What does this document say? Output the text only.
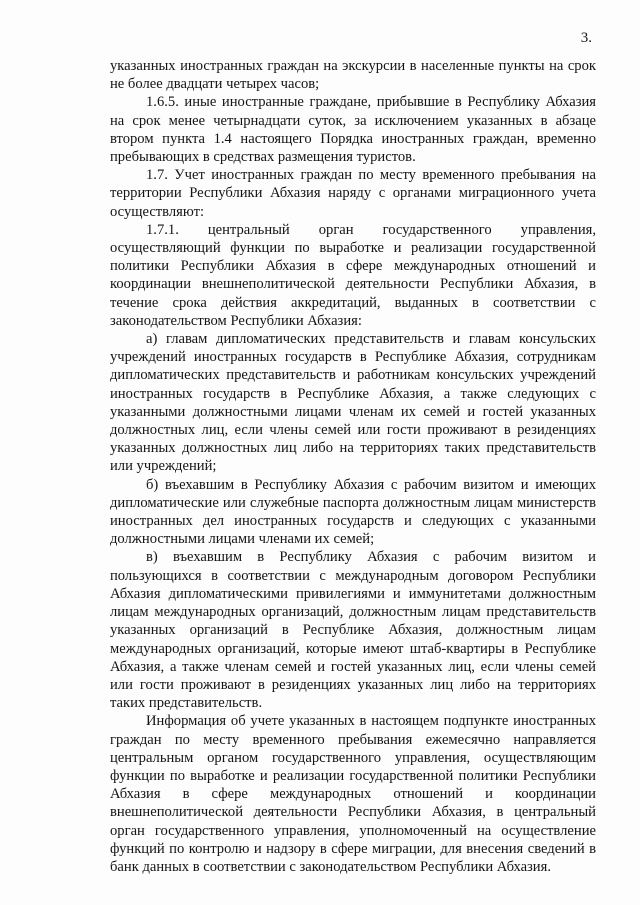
3.

указанных иностранных граждан на экскурсии в населенные пункты на срок не более двадцати четырех часов;

1.6.5. иные иностранные граждане, прибывшие в Республику Абхазия на срок менее четырнадцати суток, за исключением указанных в абзаце втором пункта 1.4 настоящего Порядка иностранных граждан, временно пребывающих в средствах размещения туристов.

1.7. Учет иностранных граждан по месту временного пребывания на территории Республики Абхазия наряду с органами миграционного учета осуществляют:

1.7.1. центральный орган государственного управления, осуществляющий функции по выработке и реализации государственной политики Республики Абхазия в сфере международных отношений и координации внешнеполитической деятельности Республики Абхазия, в течение срока действия аккредитаций, выданных в соответствии с законодательством Республики Абхазия:

а) главам дипломатических представительств и главам консульских учреждений иностранных государств в Республике Абхазия, сотрудникам дипломатических представительств и работникам консульских учреждений иностранных государств в Республике Абхазия, а также следующих с указанными должностными лицами членам их семей и гостей указанных должностных лиц, если члены семей или гости проживают в резиденциях указанных должностных лиц либо на территориях таких представительств или учреждений;

б) въехавшим в Республику Абхазия с рабочим визитом и имеющих дипломатические или служебные паспорта должностным лицам министерств иностранных дел иностранных государств и следующих с указанными должностными лицами членами их семей;

в) въехавшим в Республику Абхазия с рабочим визитом и пользующихся в соответствии с международным договором Республики Абхазия дипломатическими привилегиями и иммунитетами должностным лицам международных организаций, должностным лицам представительств указанных организаций в Республике Абхазия, должностным лицам международных организаций, которые имеют штаб-квартиры в Республике Абхазия, а также членам семей и гостей указанных лиц, если члены семей или гости проживают в резиденциях указанных лиц либо на территориях таких представительств.

Информация об учете указанных в настоящем подпункте иностранных граждан по месту временного пребывания ежемесячно направляется центральным органом государственного управления, осуществляющим функции по выработке и реализации государственной политики Республики Абхазия в сфере международных отношений и координации внешнеполитической деятельности Республики Абхазия, в центральный орган государственного управления, уполномоченный на осуществление функций по контролю и надзору в сфере миграции, для внесения сведений в банк данных в соответствии с законодательством Республики Абхазия.
